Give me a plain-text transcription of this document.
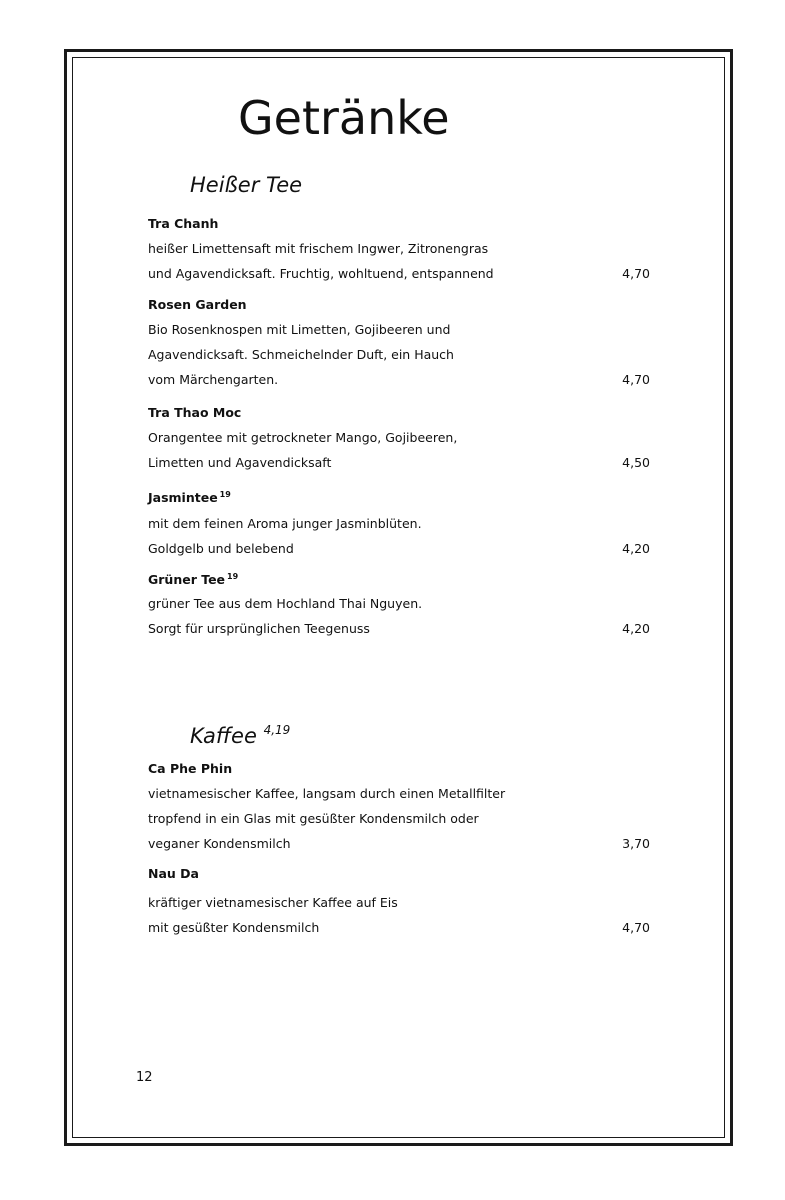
Getränke
Heißer Tee
Tra Chanh
heißer Limettensaft mit frischem Ingwer, Zitronengras
und Agavendicksaft. Fruchtig, wohltuend, entspannend	4,70
Rosen Garden
Bio Rosenknospen mit Limetten, Gojibeeren und
Agavendicksaft. Schmeichelnder Duft, ein Hauch
vom Märchengarten.	4,70
Tra Thao Moc
Orangentee mit getrockneter Mango, Gojibeeren,
Limetten und Agavendicksaft	4,50
Jasmintee $^{19}$
mit dem feinen Aroma junger Jasminblüten.
Goldgelb und belebend	4,20
Grüner Tee $^{19}$
grüner Tee aus dem Hochland Thai Nguyen.
Sorgt für ursprünglichen Teegenuss	4,20
Kaffee $^{4,19}$
Ca Phe Phin
vietnamesischer Kaffee, langsam durch einen Metallfilter
tropfend in ein Glas mit gesüßter Kondensmilch oder
veganer Kondensmilch	3,70
Nau Da
kräftiger vietnamesischer Kaffee auf Eis
mit gesüßter Kondensmilch	4,70
12
